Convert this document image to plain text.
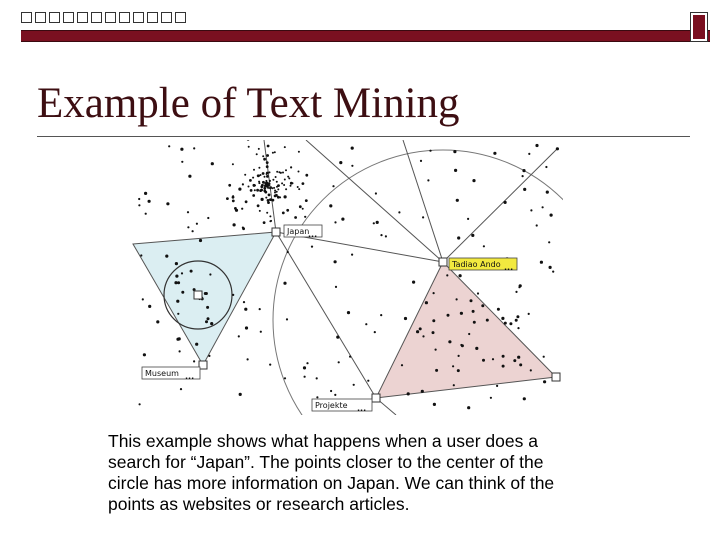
Example of Text Mining
Japan
...
Tadiao Ando ...
Museum ...
Projekte ...

This example shows what happens when a user does a search for “Japan”. The points closer to the center of the circle has more information on Japan. We can think of the points as websites or research articles.
